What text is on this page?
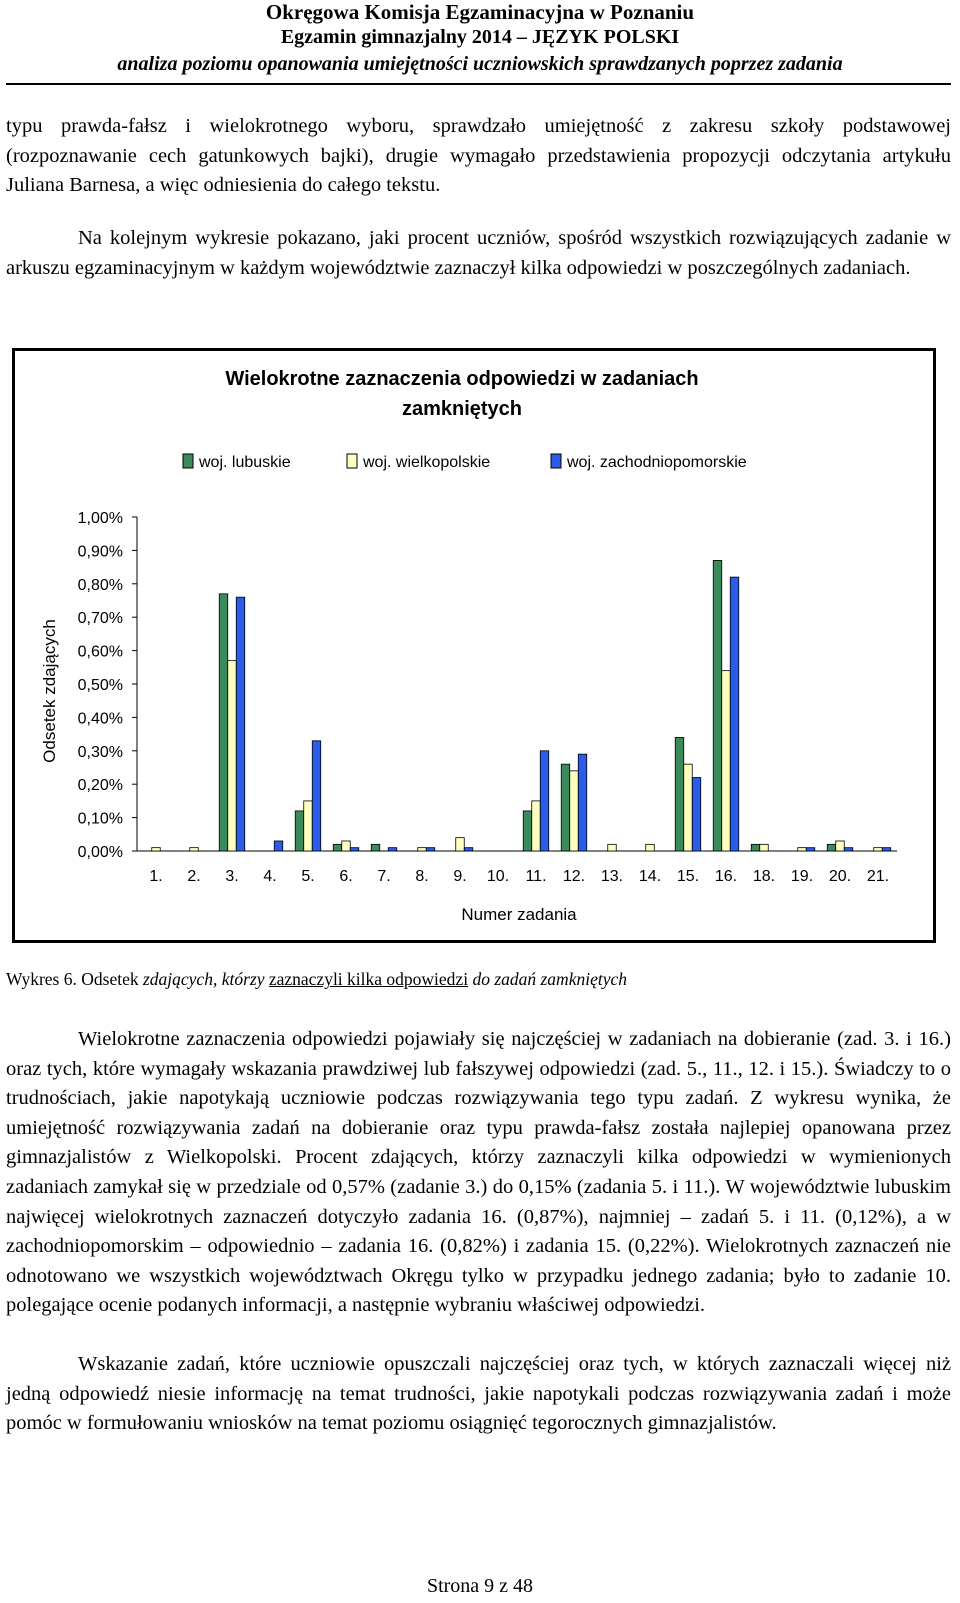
Okręgowa Komisja Egzaminacyjna w Poznaniu
Egzamin gimnazjalny 2014 – JĘZYK POLSKI
analiza poziomu opanowania umiejętności uczniowskich sprawdzanych poprzez zadania

typu prawda-fałsz i wielokrotnego wyboru, sprawdzało umiejętność z zakresu szkoły podstawowej (rozpoznawanie cech gatunkowych bajki), drugie wymagało przedstawienia propozycji odczytania artykułu Juliana Barnesa, a więc odniesienia do całego tekstu.

Na kolejnym wykresie pokazano, jaki procent uczniów, spośród wszystkich rozwiązujących zadanie w arkuszu egzaminacyjnym w każdym województwie zaznaczył kilka odpowiedzi w poszczególnych zadaniach.

Wielokrotne zaznaczenia odpowiedzi w zadaniach
zamkniętych
woj. lubuskie	woj. wielkopolskie	woj. zachodniopomorskie
0,00%
0,10%
0,20%
0,30%
0,40%
0,50%
0,60%
0,70%
0,80%
0,90%
1,00%
1. 2. 3. 4. 5. 6. 7. 8. 9. 10. 11. 12. 13. 14. 15. 16. 18. 19. 20. 21.
Odsetek zdających
Numer zadania
Wykres 6. Odsetek zdających, którzy zaznaczyli kilka odpowiedzi do zadań zamkniętych

Wielokrotne zaznaczenia odpowiedzi pojawiały się najczęściej w zadaniach na dobieranie (zad. 3. i 16.) oraz tych, które wymagały wskazania prawdziwej lub fałszywej odpowiedzi (zad. 5., 11., 12. i 15.). Świadczy to o trudnościach, jakie napotykają uczniowie podczas rozwiązywania tego typu zadań. Z wykresu wynika, że umiejętność rozwiązywania zadań na dobieranie oraz typu prawda-fałsz została najlepiej opanowana przez gimnazjalistów z Wielkopolski. Procent zdających, którzy zaznaczyli kilka odpowiedzi w wymienionych zadaniach zamykał się w przedziale od 0,57% (zadanie 3.) do 0,15% (zadania 5. i 11.). W województwie lubuskim najwięcej wielokrotnych zaznaczeń dotyczyło zadania 16. (0,87%), najmniej – zadań 5. i 11. (0,12%), a w zachodniopomorskim – odpowiednio – zadania 16. (0,82%) i zadania 15. (0,22%). Wielokrotnych zaznaczeń nie odnotowano we wszystkich województwach Okręgu tylko w przypadku jednego zadania; było to zadanie 10. polegające ocenie podanych informacji, a następnie wybraniu właściwej odpowiedzi.

Wskazanie zadań, które uczniowie opuszczali najczęściej oraz tych, w których zaznaczali więcej niż jedną odpowiedź niesie informację na temat trudności, jakie napotykali podczas rozwiązywania zadań i może pomóc w formułowaniu wniosków na temat poziomu osiągnięć tegorocznych gimnazjalistów.

Strona 9 z 48
